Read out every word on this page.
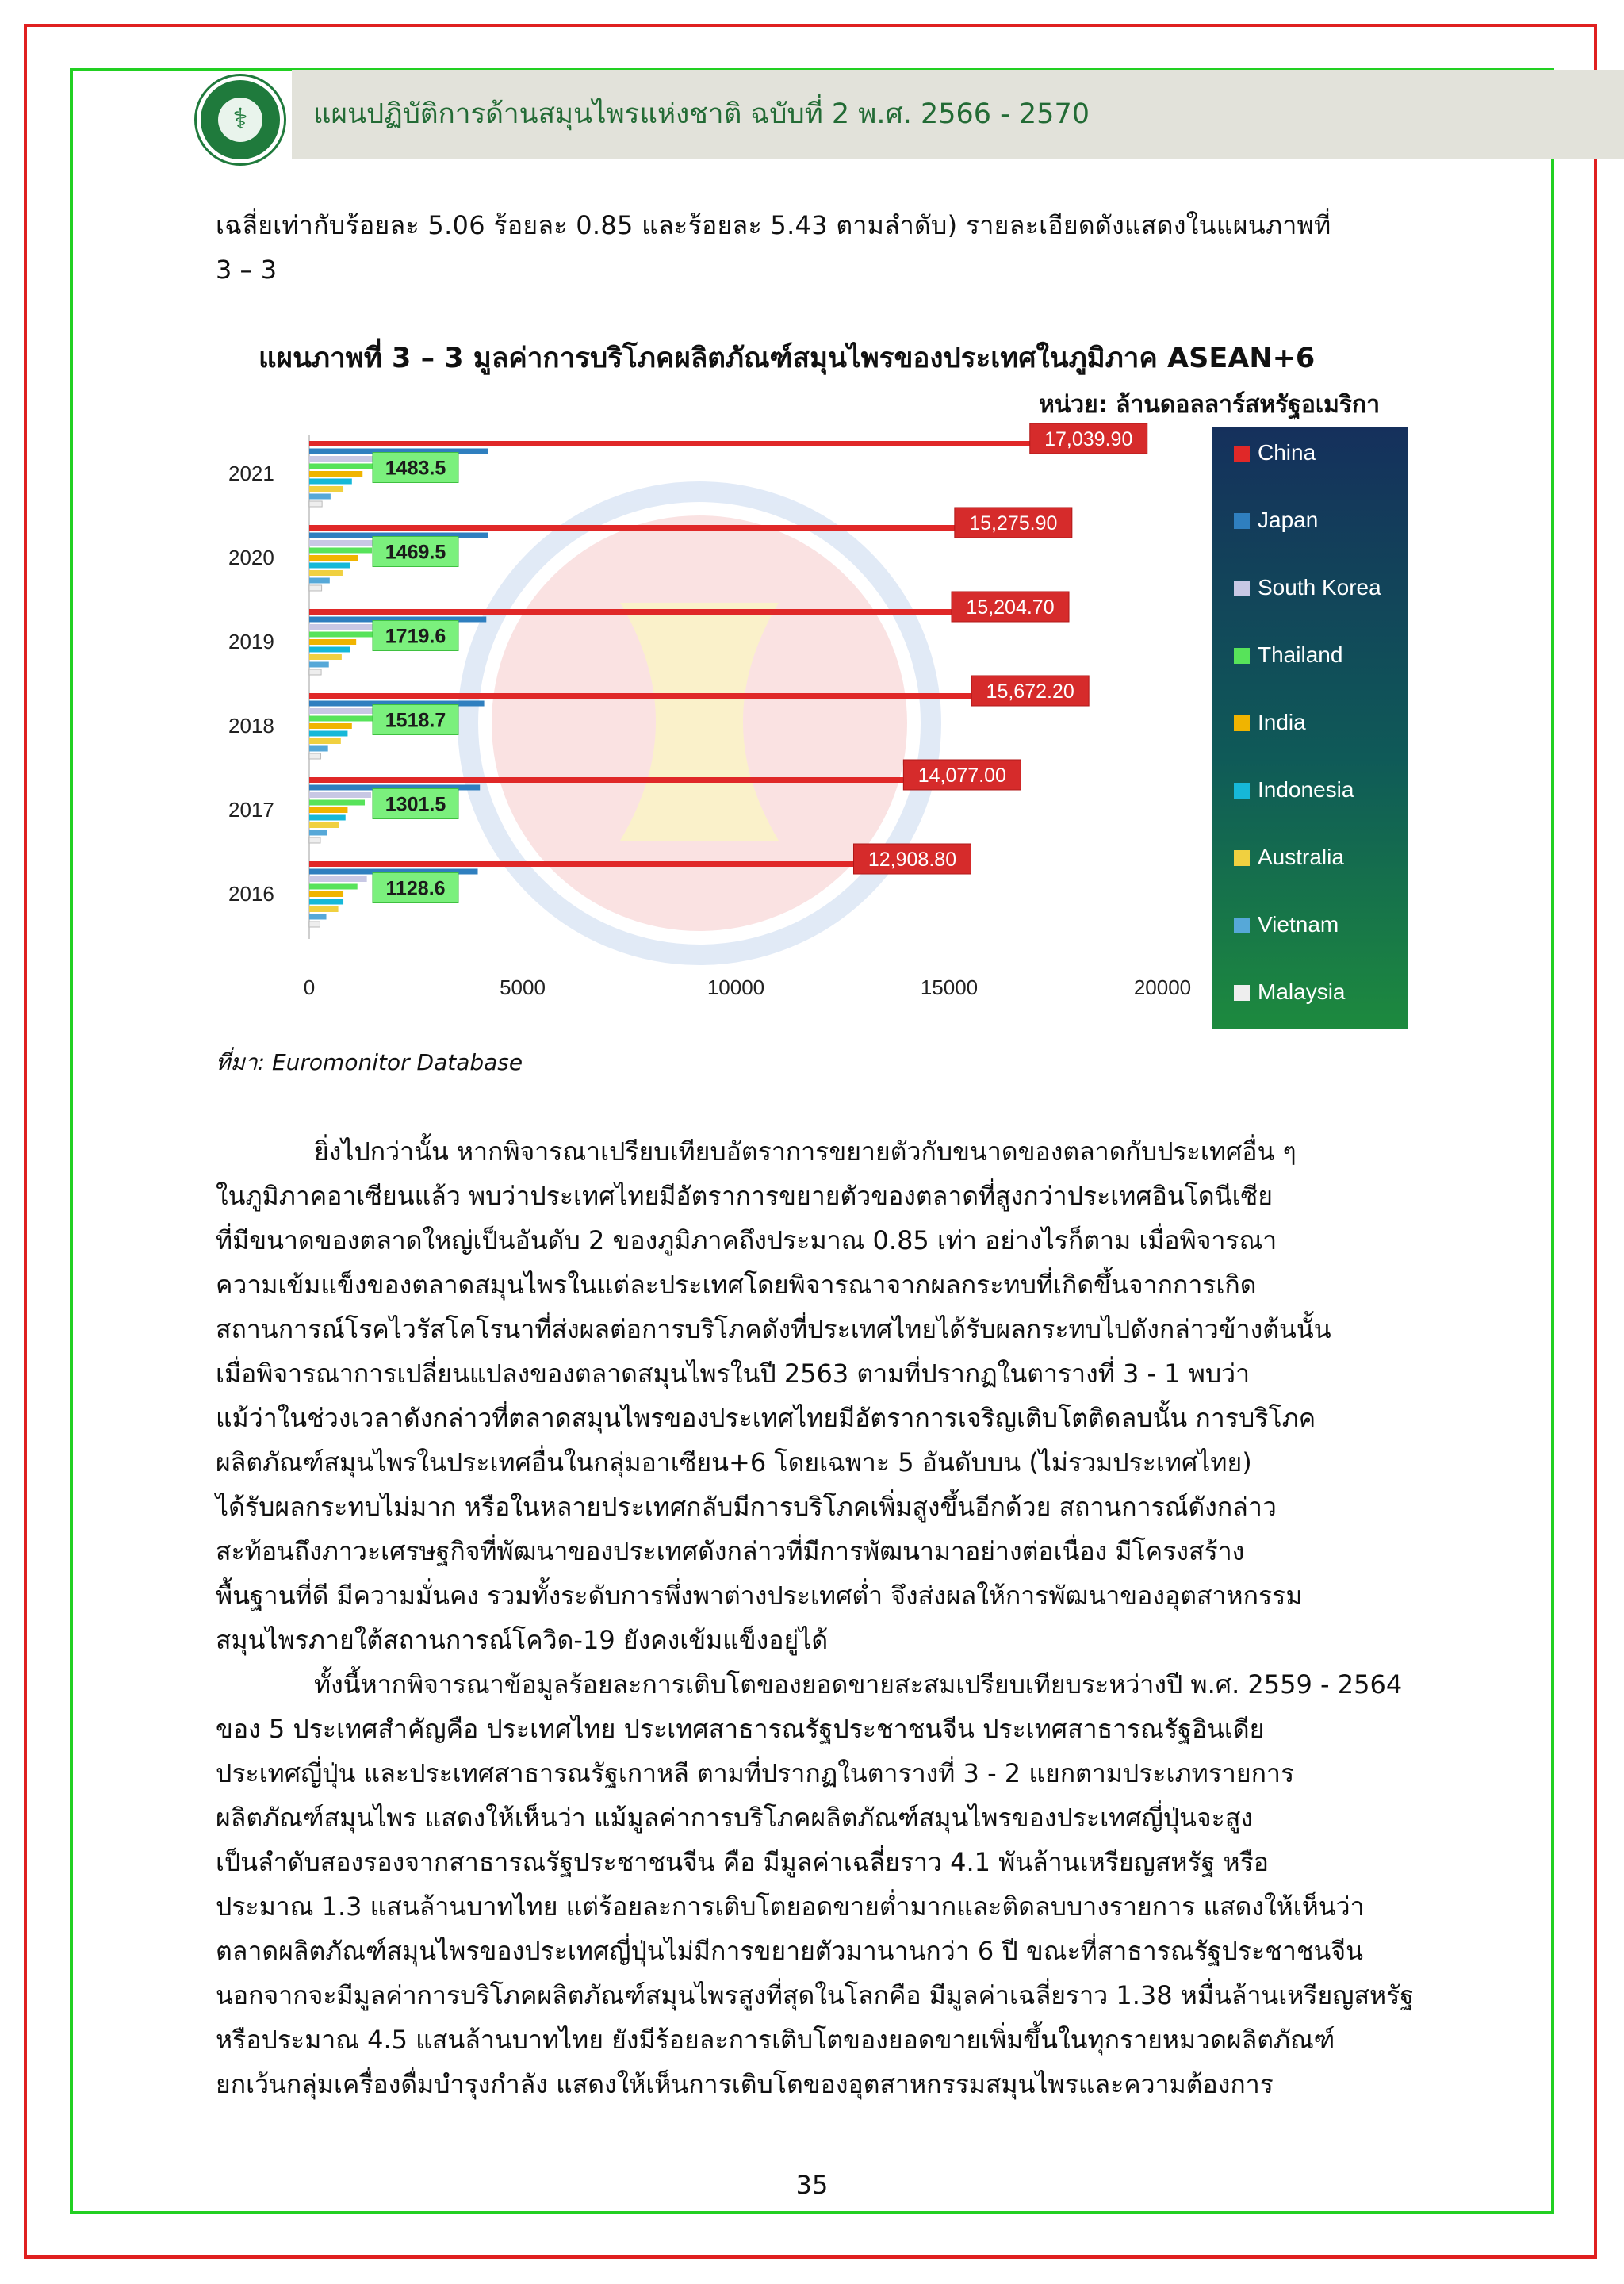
⚕	แผนปฏิบัติการด้านสมุนไพรแห่งชาติ ฉบับที่ 2 พ.ศ. 2566 - 2570

เฉลี่ยเท่ากับร้อยละ 5.06 ร้อยละ 0.85 และร้อยละ 5.43 ตามลำดับ) รายละเอียดดังแสดงในแผนภาพที่

3 – 3

แผนภาพที่ 3 – 3 มูลค่าการบริโภคผลิตภัณฑ์สมุนไพรของประเทศในภูมิภาค ASEAN+6
หน่วย: ล้านดอลลาร์สหรัฐอเมริกา
0	5000	10000	15000	20000
2021
17,039.90
1483.5
2020
15,275.90
1469.5
2019
15,204.70
1719.6
2018
15,672.20
1518.7
2017
14,077.00
1301.5
2016
12,908.80
1128.6
China
Japan
South Korea
Thailand
India
Indonesia
Australia
Vietnam
Malaysia
ที่มา: Euromonitor Database

ยิ่งไปกว่านั้น หากพิจารณาเปรียบเทียบอัตราการขยายตัวกับขนาดของตลาดกับประเทศอื่น ๆ

ในภูมิภาคอาเซียนแล้ว พบว่าประเทศไทยมีอัตราการขยายตัวของตลาดที่สูงกว่าประเทศอินโดนีเซีย

ที่มีขนาดของตลาดใหญ่เป็นอันดับ 2 ของภูมิภาคถึงประมาณ 0.85 เท่า อย่างไรก็ตาม เมื่อพิจารณา

ความเข้มแข็งของตลาดสมุนไพรในแต่ละประเทศโดยพิจารณาจากผลกระทบที่เกิดขึ้นจากการเกิด

สถานการณ์โรคไวรัสโคโรนาที่ส่งผลต่อการบริโภคดังที่ประเทศไทยได้รับผลกระทบไปดังกล่าวข้างต้นนั้น

เมื่อพิจารณาการเปลี่ยนแปลงของตลาดสมุนไพรในปี 2563 ตามที่ปรากฏในตารางที่ 3 - 1 พบว่า

แม้ว่าในช่วงเวลาดังกล่าวที่ตลาดสมุนไพรของประเทศไทยมีอัตราการเจริญเติบโตติดลบนั้น การบริโภค

ผลิตภัณฑ์สมุนไพรในประเทศอื่นในกลุ่มอาเซียน+6 โดยเฉพาะ 5 อันดับบน (ไม่รวมประเทศไทย)

ได้รับผลกระทบไม่มาก หรือในหลายประเทศกลับมีการบริโภคเพิ่มสูงขึ้นอีกด้วย สถานการณ์ดังกล่าว

สะท้อนถึงภาวะเศรษฐกิจที่พัฒนาของประเทศดังกล่าวที่มีการพัฒนามาอย่างต่อเนื่อง มีโครงสร้าง

พื้นฐานที่ดี มีความมั่นคง รวมทั้งระดับการพึ่งพาต่างประเทศต่ำ จึงส่งผลให้การพัฒนาของอุตสาหกรรม

สมุนไพรภายใต้สถานการณ์โควิด-19 ยังคงเข้มแข็งอยู่ได้

ทั้งนี้หากพิจารณาข้อมูลร้อยละการเติบโตของยอดขายสะสมเปรียบเทียบระหว่างปี พ.ศ. 2559 - 2564

ของ 5 ประเทศสำคัญคือ ประเทศไทย ประเทศสาธารณรัฐประชาชนจีน ประเทศสาธารณรัฐอินเดีย

ประเทศญี่ปุ่น และประเทศสาธารณรัฐเกาหลี ตามที่ปรากฏในตารางที่ 3 - 2 แยกตามประเภทรายการ

ผลิตภัณฑ์สมุนไพร แสดงให้เห็นว่า แม้มูลค่าการบริโภคผลิตภัณฑ์สมุนไพรของประเทศญี่ปุ่นจะสูง

เป็นลำดับสองรองจากสาธารณรัฐประชาชนจีน คือ มีมูลค่าเฉลี่ยราว 4.1 พันล้านเหรียญสหรัฐ หรือ

ประมาณ 1.3 แสนล้านบาทไทย แต่ร้อยละการเติบโตยอดขายต่ำมากและติดลบบางรายการ แสดงให้เห็นว่า

ตลาดผลิตภัณฑ์สมุนไพรของประเทศญี่ปุ่นไม่มีการขยายตัวมานานกว่า 6 ปี ขณะที่สาธารณรัฐประชาชนจีน

นอกจากจะมีมูลค่าการบริโภคผลิตภัณฑ์สมุนไพรสูงที่สุดในโลกคือ มีมูลค่าเฉลี่ยราว 1.38 หมื่นล้านเหรียญสหรัฐ

หรือประมาณ 4.5 แสนล้านบาทไทย ยังมีร้อยละการเติบโตของยอดขายเพิ่มขึ้นในทุกรายหมวดผลิตภัณฑ์

ยกเว้นกลุ่มเครื่องดื่มบำรุงกำลัง แสดงให้เห็นการเติบโตของอุตสาหกรรมสมุนไพรและความต้องการ

35
